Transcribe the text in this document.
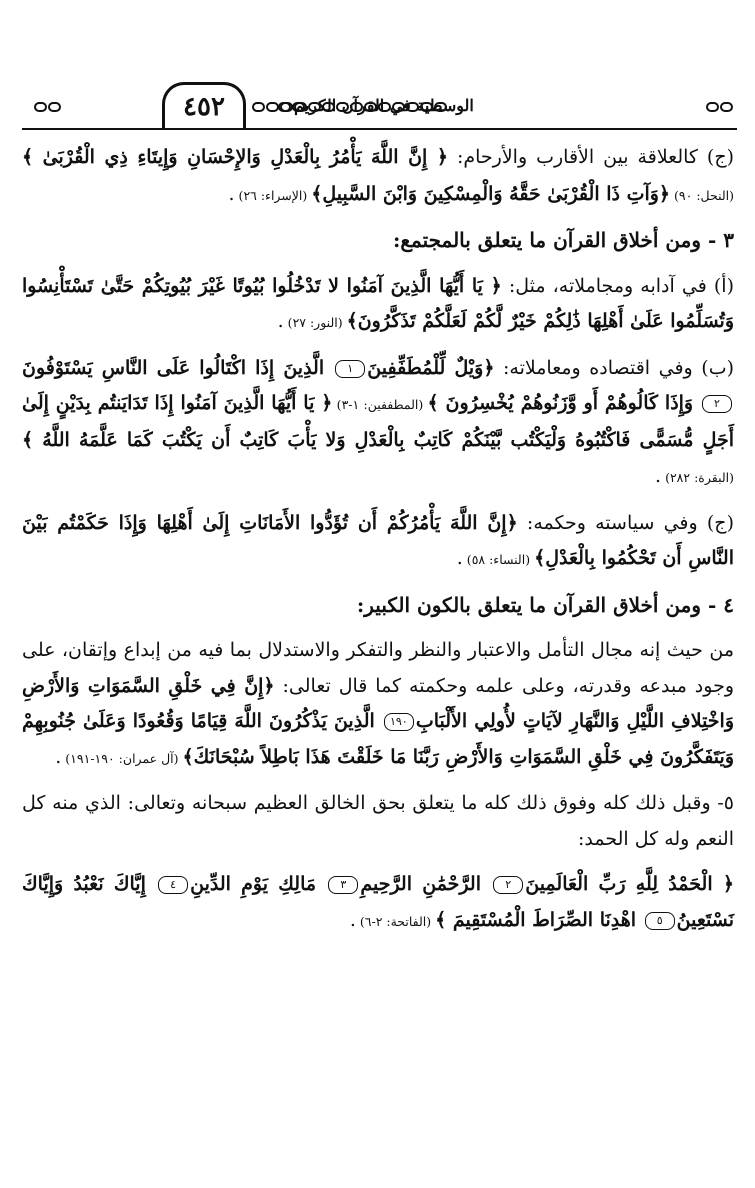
الوسطية في القرآن الكريم
٤٥٢

(ج) كالعلاقة بين الأقارب والأرحام: ﴿ إِنَّ اللَّهَ يَأْمُرُ بِالْعَدْلِ وَالإِحْسَانِ وَإِيتَاءِ ذِي الْقُرْبَىٰ ﴾ (النحل: ٩٠) ﴿وَآتِ ذَا الْقُرْبَىٰ حَقَّهُ وَالْمِسْكِينَ وَابْنَ السَّبِيلِ﴾ (الإسراء: ٢٦) .

٣ - ومن أخلاق القرآن ما يتعلق بالمجتمع:

(أ) في آدابه ومجاملاته، مثل: ﴿ يَا أَيُّهَا الَّذِينَ آمَنُوا لا تَدْخُلُوا بُيُوتًا غَيْرَ بُيُوتِكُمْ حَتَّىٰ تَسْتَأْنِسُوا وَتُسَلِّمُوا عَلَىٰ أَهْلِهَا ذَٰلِكُمْ خَيْرٌ لَّكُمْ لَعَلَّكُمْ تَذَكَّرُونَ﴾ (النور: ٢٧) .

(ب) وفي اقتصاده ومعاملاته: ﴿وَيْلٌ لِّلْمُطَفِّفِينَ١ الَّذِينَ إِذَا اكْتَالُوا عَلَى النَّاسِ يَسْتَوْفُونَ٢ وَإِذَا كَالُوهُمْ أَو وَّزَنُوهُمْ يُخْسِرُونَ ﴾ (المطففين: ١-٣) ﴿ يَا أَيُّهَا الَّذِينَ آمَنُوا إِذَا تَدَايَنتُم بِدَيْنٍ إِلَىٰ أَجَلٍ مُّسَمًّى فَاكْتُبُوهُ وَلْيَكْتُب بَّيْنَكُمْ كَاتِبٌ بِالْعَدْلِ وَلا يَأْبَ كَاتِبٌ أَن يَكْتُبَ كَمَا عَلَّمَهُ اللَّهُ ﴾ (البقرة: ٢٨٢) .

(ج) وفي سياسته وحكمه: ﴿إِنَّ اللَّهَ يَأْمُرُكُمْ أَن تُؤَدُّوا الأَمَانَاتِ إِلَىٰ أَهْلِهَا وَإِذَا حَكَمْتُم بَيْنَ النَّاسِ أَن تَحْكُمُوا بِالْعَدْلِ﴾ (النساء: ٥٨) .

٤ - ومن أخلاق القرآن ما يتعلق بالكون الكبير:

من حيث إنه مجال التأمل والاعتبار والنظر والتفكر والاستدلال بما فيه من إبداع وإتقان، على وجود مبدعه وقدرته، وعلى علمه وحكمته كما قال تعالى: ﴿إِنَّ فِي خَلْقِ السَّمَوَاتِ وَالأَرْضِ وَاخْتِلافِ اللَّيْلِ وَالنَّهَارِ لآيَاتٍ لأُولِي الأَلْبَابِ١٩٠ الَّذِينَ يَذْكُرُونَ اللَّهَ قِيَامًا وَقُعُودًا وَعَلَىٰ جُنُوبِهِمْ وَيَتَفَكَّرُونَ فِي خَلْقِ السَّمَوَاتِ وَالأَرْضِ رَبَّنَا مَا خَلَقْتَ هَذَا بَاطِلاً سُبْحَانَكَ﴾ (آل عمران: ١٩٠-١٩١) .

٥- وقبل ذلك كله وفوق ذلك كله ما يتعلق بحق الخالق العظيم سبحانه وتعالى: الذي منه كل النعم وله كل الحمد:

﴿ الْحَمْدُ لِلَّهِ رَبِّ الْعَالَمِينَ٢ الرَّحْمَٰنِ الرَّحِيمِ٣ مَالِكِ يَوْمِ الدِّينِ٤ إِيَّاكَ نَعْبُدُ وَإِيَّاكَ نَسْتَعِينُ٥ اهْدِنَا الصِّرَاطَ الْمُسْتَقِيمَ ﴾ (الفاتحة: ٢-٦) .
